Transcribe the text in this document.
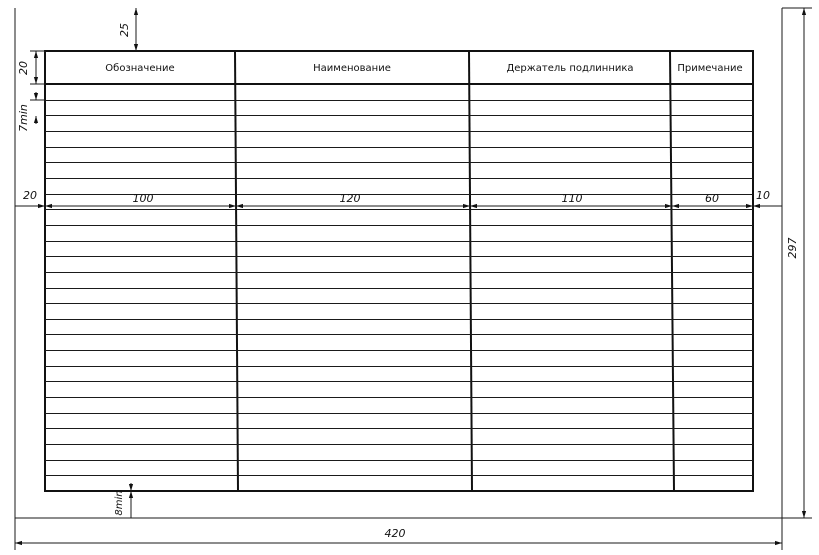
Обозначение	Наименование	Держатель подлинника	Примечание
20	100	120	110	60	10
25
20
7min
8min
297
420
